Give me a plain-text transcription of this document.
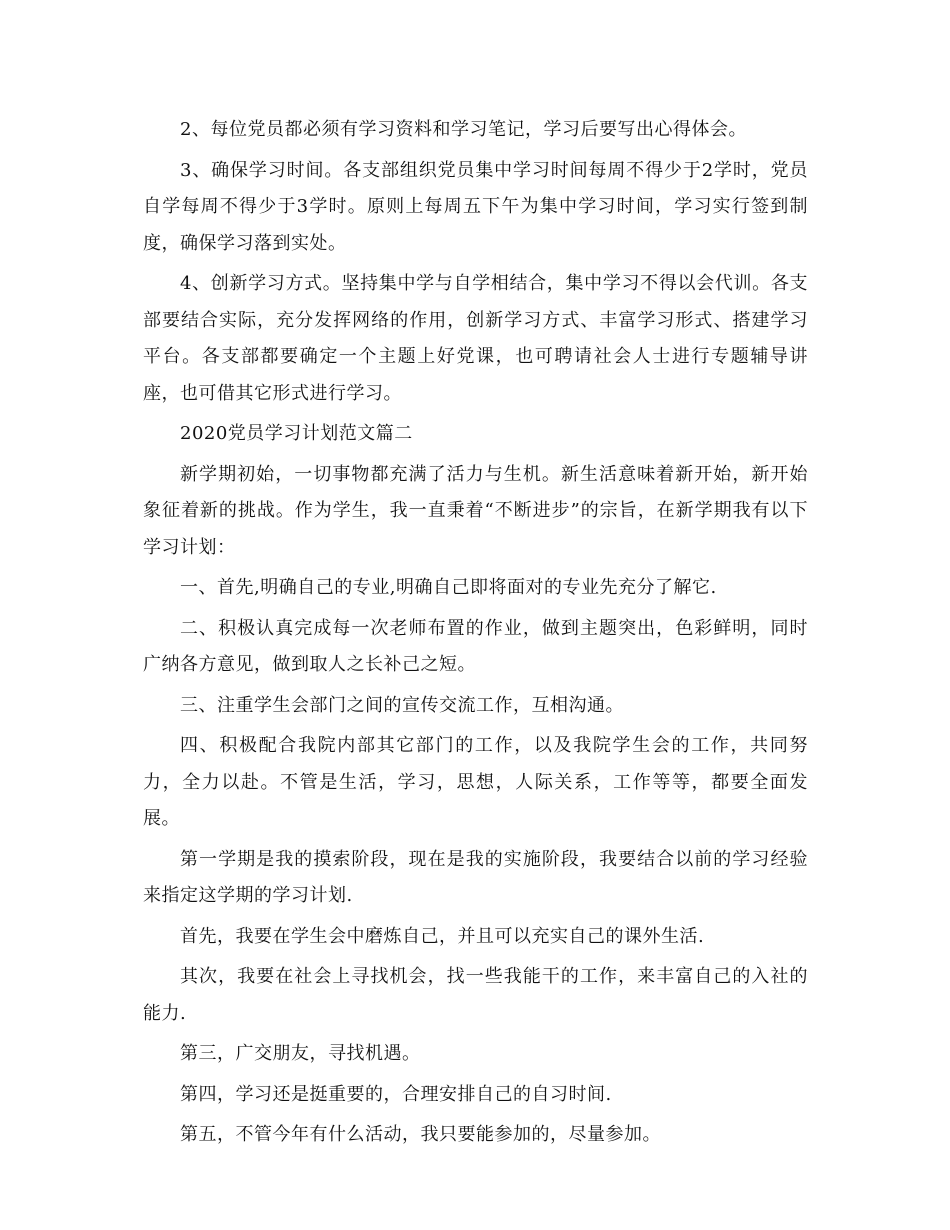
2、每位党员都必须有学习资料和学习笔记，学习后要写出心得体会。

3、确保学习时间。各支部组织党员集中学习时间每周不得少于2学时，党员自学每周不得少于3学时。原则上每周五下午为集中学习时间，学习实行签到制度，确保学习落到实处。

4、创新学习方式。坚持集中学与自学相结合，集中学习不得以会代训。各支部要结合实际，充分发挥网络的作用，创新学习方式、丰富学习形式、搭建学习平台。各支部都要确定一个主题上好党课，也可聘请社会人士进行专题辅导讲座，也可借其它形式进行学习。

2020党员学习计划范文篇二

新学期初始，一切事物都充满了活力与生机。新生活意味着新开始，新开始象征着新的挑战。作为学生，我一直秉着“不断进步”的宗旨，在新学期我有以下学习计划：

一、首先,明确自己的专业,明确自己即将面对的专业先充分了解它.

二、积极认真完成每一次老师布置的作业，做到主题突出，色彩鲜明，同时广纳各方意见，做到取人之长补己之短。

三、注重学生会部门之间的宣传交流工作，互相沟通。

四、积极配合我院内部其它部门的工作，以及我院学生会的工作，共同努力，全力以赴。不管是生活，学习，思想，人际关系，工作等等，都要全面发展。

第一学期是我的摸索阶段，现在是我的实施阶段，我要结合以前的学习经验来指定这学期的学习计划.

首先，我要在学生会中磨炼自己，并且可以充实自己的课外生活.

其次，我要在社会上寻找机会，找一些我能干的工作，来丰富自己的入社的能力.

第三，广交朋友，寻找机遇。

第四，学习还是挺重要的，合理安排自己的自习时间.

第五，不管今年有什么活动，我只要能参加的，尽量参加。
